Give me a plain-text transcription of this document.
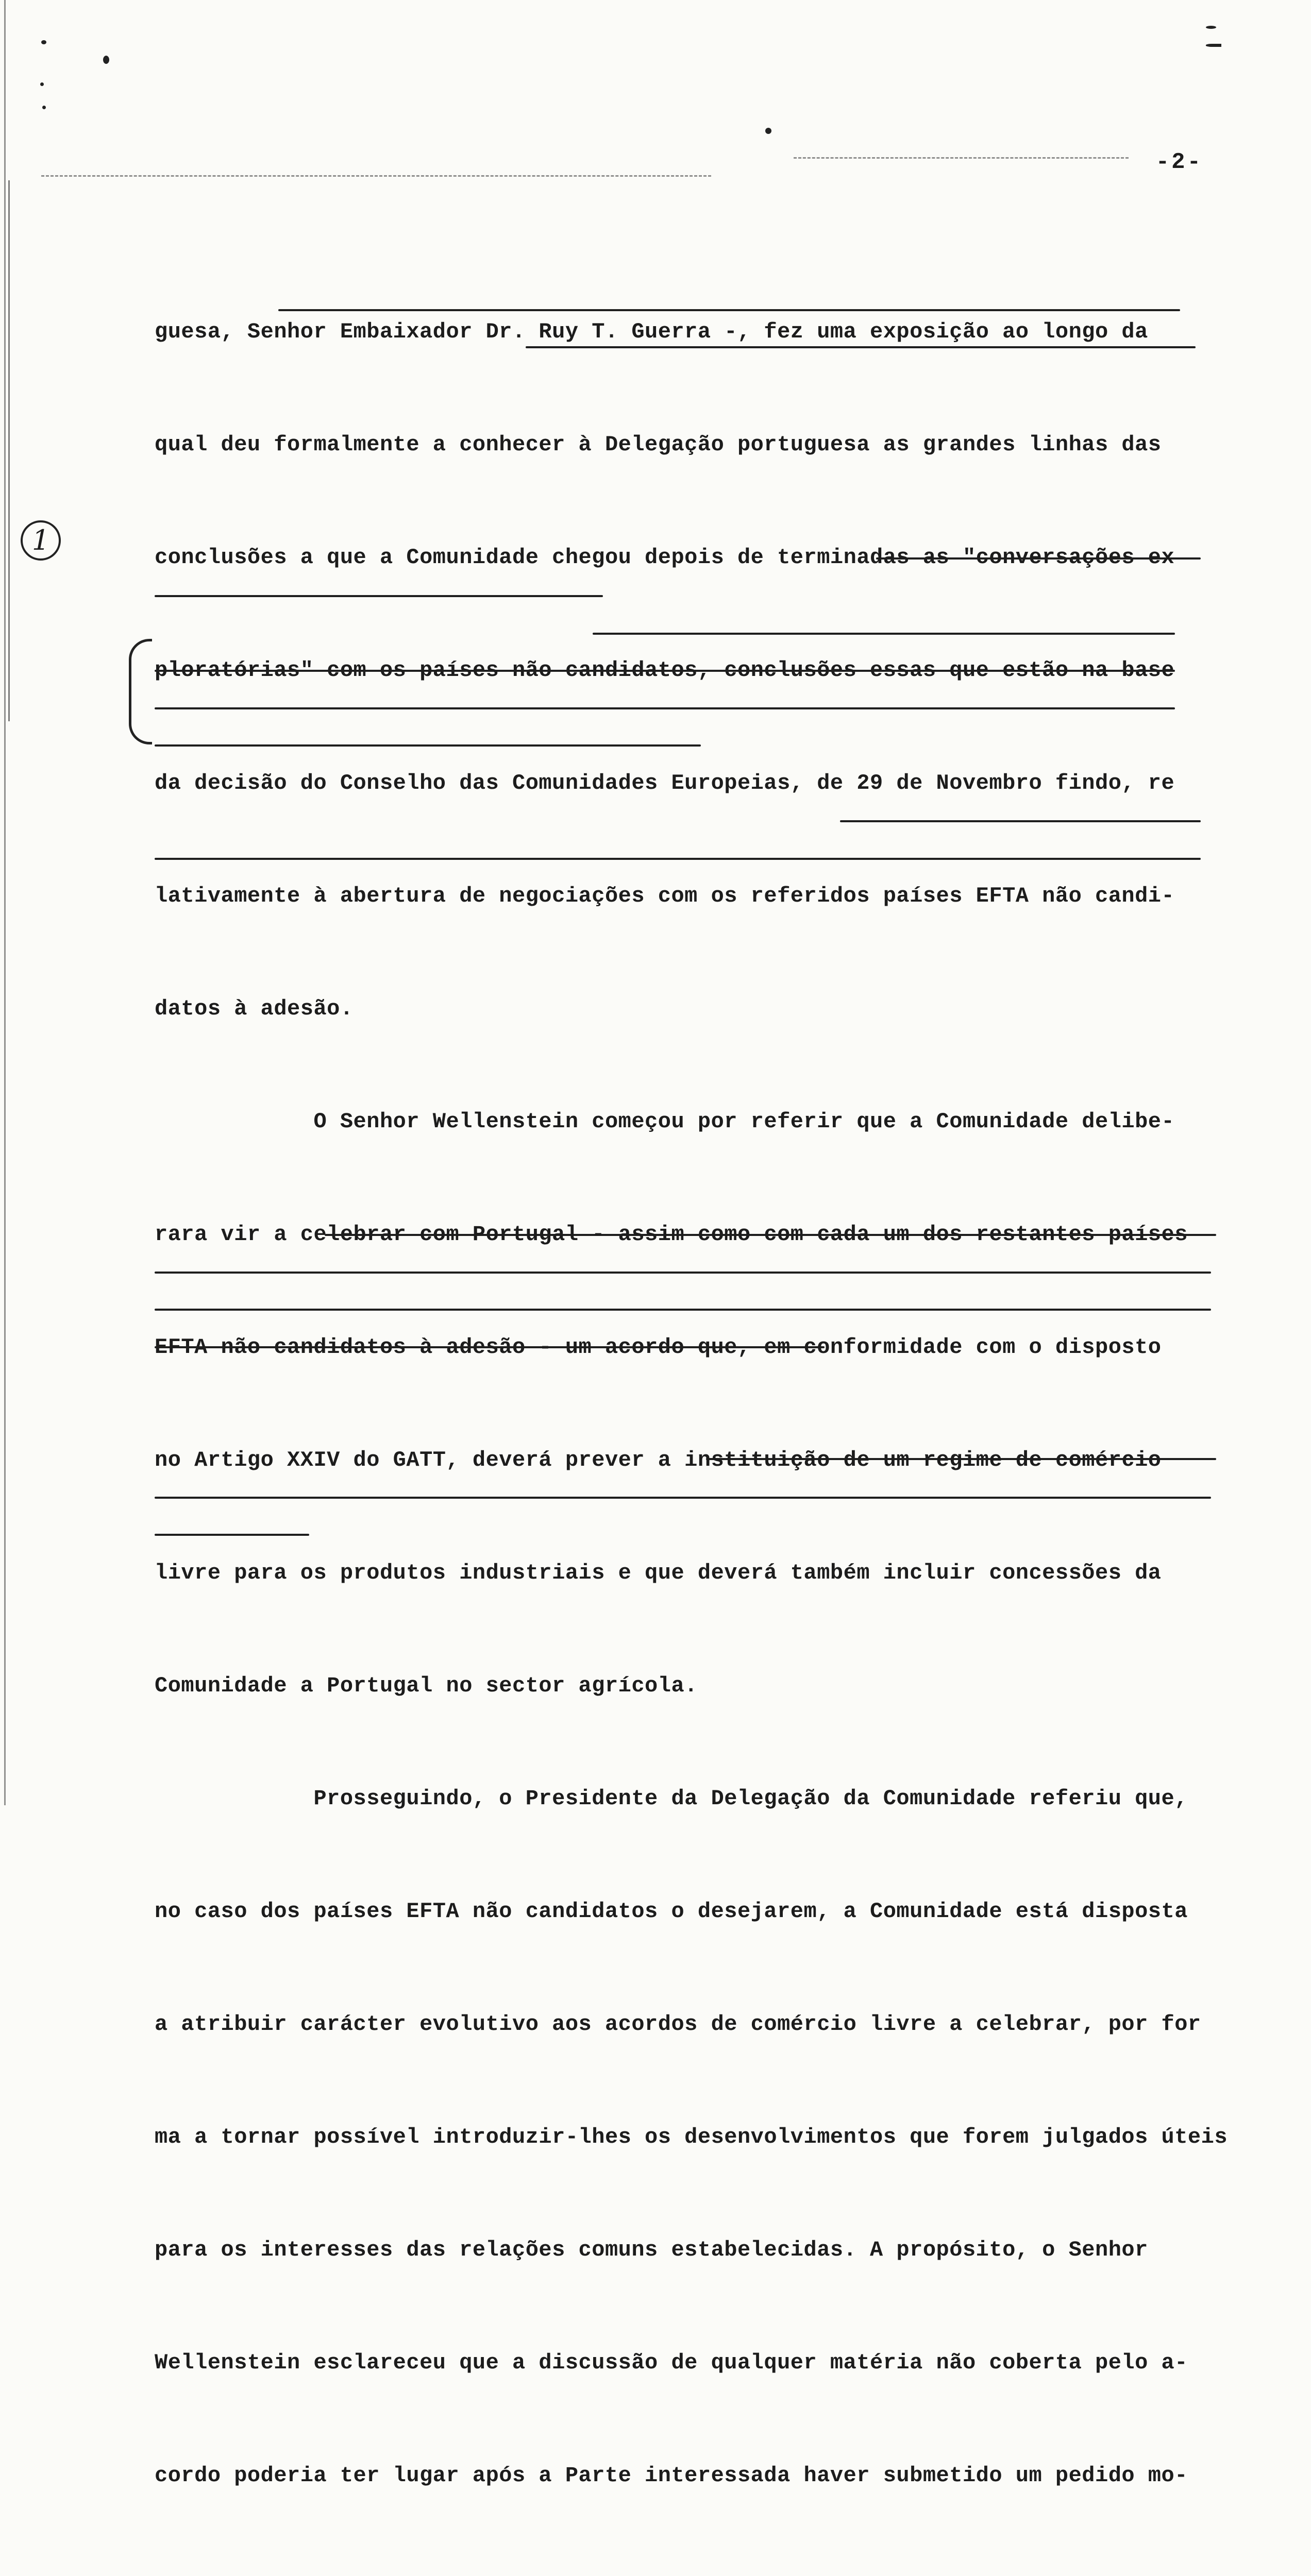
-2-
1

guesa, Senhor Embaixador Dr. Ruy T. Guerra -, fez uma exposição ao longo da

qual deu formalmente a conhecer à Delegação portuguesa as grandes linhas das

conclusões a que a Comunidade chegou depois de terminadas as "conversações ex

ploratórias" com os países não candidatos, conclusões essas que estão na base

da decisão do Conselho das Comunidades Europeias, de 29 de Novembro findo, re

lativamente à abertura de negociações com os referidos países EFTA não candi-

datos à adesão.

O Senhor Wellenstein começou por referir que a Comunidade delibe-

rara vir a celebrar com Portugal - assim como com cada um dos restantes países

EFTA não candidatos à adesão - um acordo que, em conformidade com o disposto

no Artigo XXIV do GATT, deverá prever a instituição de um regime de comércio

livre para os produtos industriais e que deverá também incluir concessões da

Comunidade a Portugal no sector agrícola.

Prosseguindo, o Presidente da Delegação da Comunidade referiu que,

no caso dos países EFTA não candidatos o desejarem, a Comunidade está disposta

a atribuir carácter evolutivo aos acordos de comércio livre a celebrar, por for

ma a tornar possível introduzir-lhes os desenvolvimentos que forem julgados úteis

para os interesses das relações comuns estabelecidas. A propósito, o Senhor

Wellenstein esclareceu que a discussão de qualquer matéria não coberta pelo a-

cordo poderia ter lugar após a Parte interessada haver submetido um pedido mo-
